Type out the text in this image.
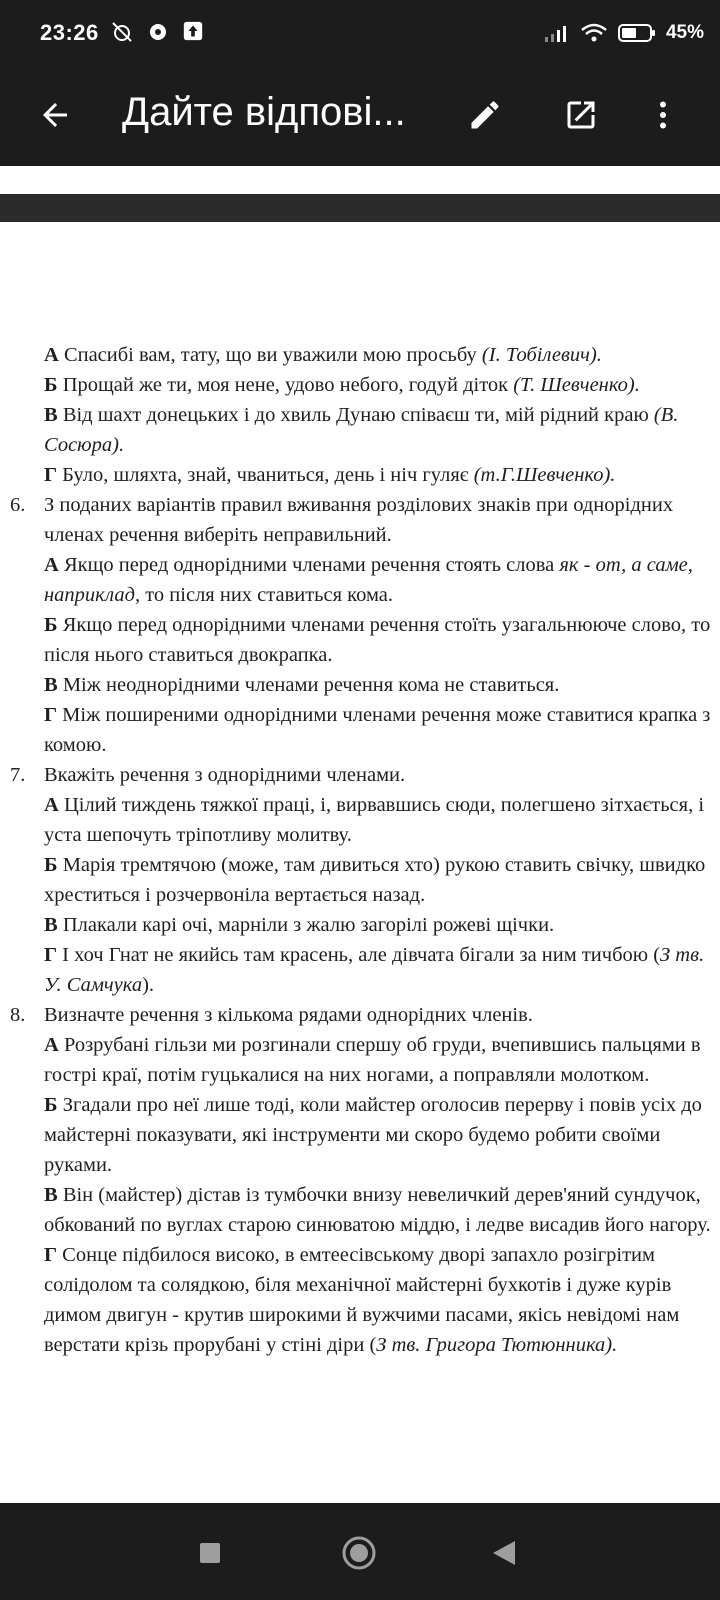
23:26	45%
Дайте відпові...
А Спасибі вам, тату, що ви уважили мою просьбу (І. Тобілевич).
Б Прощай же ти, моя нене, удово небого, годуй діток (Т. Шевченко).
В Від шахт донецьких і до хвиль Дунаю співаєш ти, мій рідний краю (В. Сосюра).
Г Було, шляхта, знай, чваниться, день і ніч гуляє (т.Г.Шевченко).
6. З поданих варіантів правил вживання розділових знаків при однорідних членах речення виберіть неправильний.
А Якщо перед однорідними членами речення стоять слова як - от, а саме, наприклад, то після них ставиться кома.
Б Якщо перед однорідними членами речення стоїть узагальнююче слово, то після нього ставиться двокрапка.
В Між неоднорідними членами речення кома не ставиться.
Г Між поширеними однорідними членами речення може ставитися крапка з комою.
7. Вкажіть речення з однорідними членами.
А Цілий тиждень тяжкої праці, і, вирвавшись сюди, полегшено зітхається, і уста шепочуть тріпотливу молитву.
Б Марія тремтячою (може, там дивиться хто) рукою ставить свічку, швидко хреститься і розчервоніла вертається назад.
В Плакали карі очі, марніли з жалю загорілі рожеві щічки.
Г І хоч Гнат не якийсь там красень, але дівчата бігали за ним тичбою (З тв. У. Самчука).
8. Визначте речення з кількома рядами однорідних членів.
А Розрубані гільзи ми розгинали спершу об груди, вчепившись пальцями в гострі краї, потім гуцькалися на них ногами, а поправляли молотком.
Б Згадали про неї лише тоді, коли майстер оголосив перерву і повів усіх до майстерні показувати, які інструменти ми скоро будемо робити своїми руками.
В Він (майстер) дістав із тумбочки внизу невеличкий дерев'яний сундучок, обкований по вуглах старою синюватою міддю, і ледве висадив його нагору.
Г Сонце підбилося високо, в емтеесівському дворі запахло розігрітим солідолом та солядкою, біля механічної майстерні бухкотів і дуже курів димом двигун - крутив широкими й вужчими пасами, якісь невідомі нам верстати крізь прорубані у стіні діри (З тв. Григора Тютюнника).
